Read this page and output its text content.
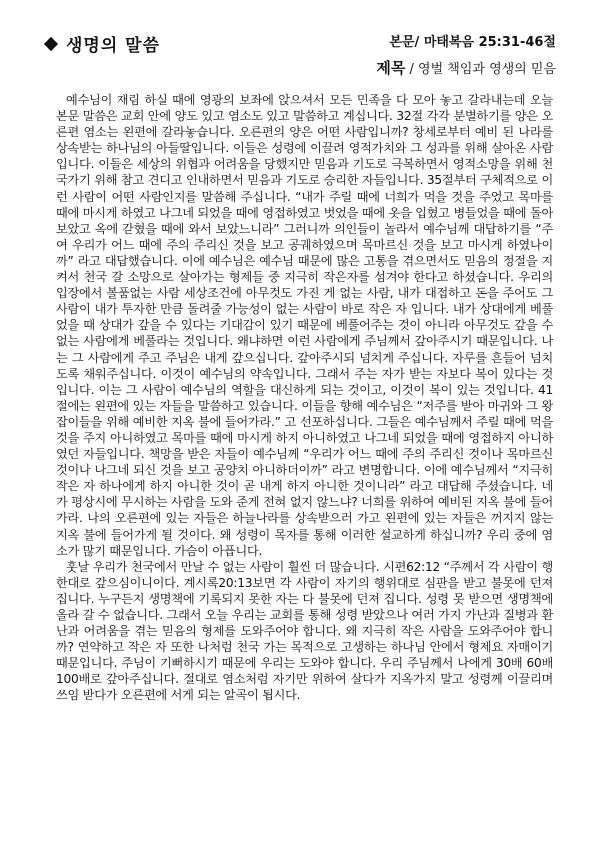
생명의 말씀	본문/ 마태복음 25:31-46절
제목 / 영벌 책임과 영생의 믿음

예수님이 재림 하실 때에 영광의 보좌에 앉으셔서 모든 민족을 다 모아 놓고 갈라내는데 오늘 본문 말씀은 교회 안에 양도 있고 염소도 있고 말씀하고 계십니다. 32절 각각 분별하기를 양은 오른편 염소는 왼편에 갈라놓습니다. 오른편의 양은 어떤 사람입니까? 창세로부터 예비 된 나라를 상속받는 하나님의 아들딸입니다. 이들은 성령에 이끌려 영적가치와 그 성과를 위해 살아온 사람입니다. 이들은 세상의 위협과 어려움을 당했지만 믿음과 기도로 극복하면서 영적소망을 위해 천국가기 위해 참고 견디고 인내하면서 믿음과 기도로 승리한 자들입니다. 35절부터 구체적으로 이런 사람이 어떤 사람인지를 말씀해 주십니다. “내가 주릴 때에 너희가 먹을 것을 주었고 목마를 때에 마시게 하였고 나그네 되었을 때에 영접하였고 벗었을 때에 옷을 입혔고 병들었을 때에 돌아보았고 옥에 갇혔을 때에 와서 보았느니라” 그러니까 의인들이 놀라서 예수님께 대답하기를 “주여 우리가 어느 때에 주의 주리신 것을 보고 공궤하였으며 목마르신 것을 보고 마시게 하였나이까” 라고 대답했습니다. 이에 예수님은 예수님 때문에 많은 고통을 겪으면서도 믿음의 정절을 지켜서 천국 갈 소망으로 살아가는 형제들 중 지극히 작은자를 섬겨야 한다고 하셨습니다. 우리의 입장에서 볼품없는 사람 세상조건에 아무것도 가진 게 없는 사람, 내가 대접하고 돈을 주어도 그 사람이 내가 투자한 만큼 돌려줄 가능성이 없는 사람이 바로 작은 자 입니다. 내가 상대에게 베풀었을 때 상대가 갚을 수 있다는 기대감이 있기 때문에 베풀어주는 것이 아니라 아무것도 갚을 수 없는 사람에게 베풀라는 것입니다. 왜냐하면 이런 사람에게 주님께서 갚아주시기 때문입니다. 나는 그 사람에게 주고 주님은 내게 갚으십니다. 갚아주시되 넘치게 주십니다. 자루를 흔들어 넘치도록 채워주십니다. 이것이 예수님의 약속입니다. 그래서 주는 자가 받는 자보다 복이 있다는 것입니다. 이는 그 사람이 예수님의 역할을 대신하게 되는 것이고, 이것이 복이 있는 것입니다. 41절에는 왼편에 있는 자들을 말씀하고 있습니다. 이들을 향해 예수님은 “저주를 받아 마귀와 그 왕잡이들을 위해 예비한 지옥 불에 들어가라.” 고 선포하십니다. 그들은 예수님께서 주릴 때에 먹을 것을 주지 아니하였고 목마를 때에 마시게 하지 아니하였고 나그네 되었을 때에 영접하지 아니하였던 자들입니다. 책망을 받은 자들이 예수님께 “우리가 어느 때에 주의 주리신 것이나 목마르신 것이나 나그네 되신 것을 보고 공양치 아니하더이까” 라고 변명합니다. 이에 예수님께서 “지극히 작은 자 하나에게 하지 아니한 것이 곧 내게 하지 아니한 것이니라” 라고 대답해 주셨습니다. 네가 평상시에 무시하는 사람을 도와 준게 전혀 없지 않느냐? 너희를 위하여 예비된 지옥 불에 들어가라. 나의 오른편에 있는 자들은 하늘나라를 상속받으러 가고 왼편에 있는 자들은 꺼지지 않는 지옥 불에 들어가게 될 것이다. 왜 성령이 목자를 통해 이러한 설교하게 하십니까? 우리 중에 염소가 많기 때문입니다. 가슴이 아픕니다.

훗날 우리가 천국에서 만날 수 없는 사람이 훨씬 더 많습니다. 시편62:12 “주께서 각 사람이 행한대로 갚으심이니이다. 계시록20:13보면 각 사람이 자기의 행위대로 심판을 받고 불못에 던져 집니다. 누구든지 생명책에 기록되지 못한 자는 다 불못에 던져 집니다. 성령 못 받으면 생명책에 올라 갈 수 없습니다. 그래서 오늘 우리는 교회를 통해 성령 받았으나 여러 가지 가난과 질병과 환난과 어려움을 겪는 믿음의 형제를 도와주어야 합니다. 왜 지극히 작은 사람을 도와주어야 합니까? 연약하고 작은 자 또한 나처럼 천국 가는 목적으로 고생하는 하나님 안에서 형제요 자매이기 때문입니다. 주님이 기뻐하시기 때문에 우리는 도와야 합니다. 우리 주님께서 나에게 30배 60배 100배로 갚아주십니다. 절대로 염소처럼 자기만 위하여 살다가 지옥가지 말고 성령께 이끌리며 쓰임 받다가 오른편에 서게 되는 알곡이 됩시다.
